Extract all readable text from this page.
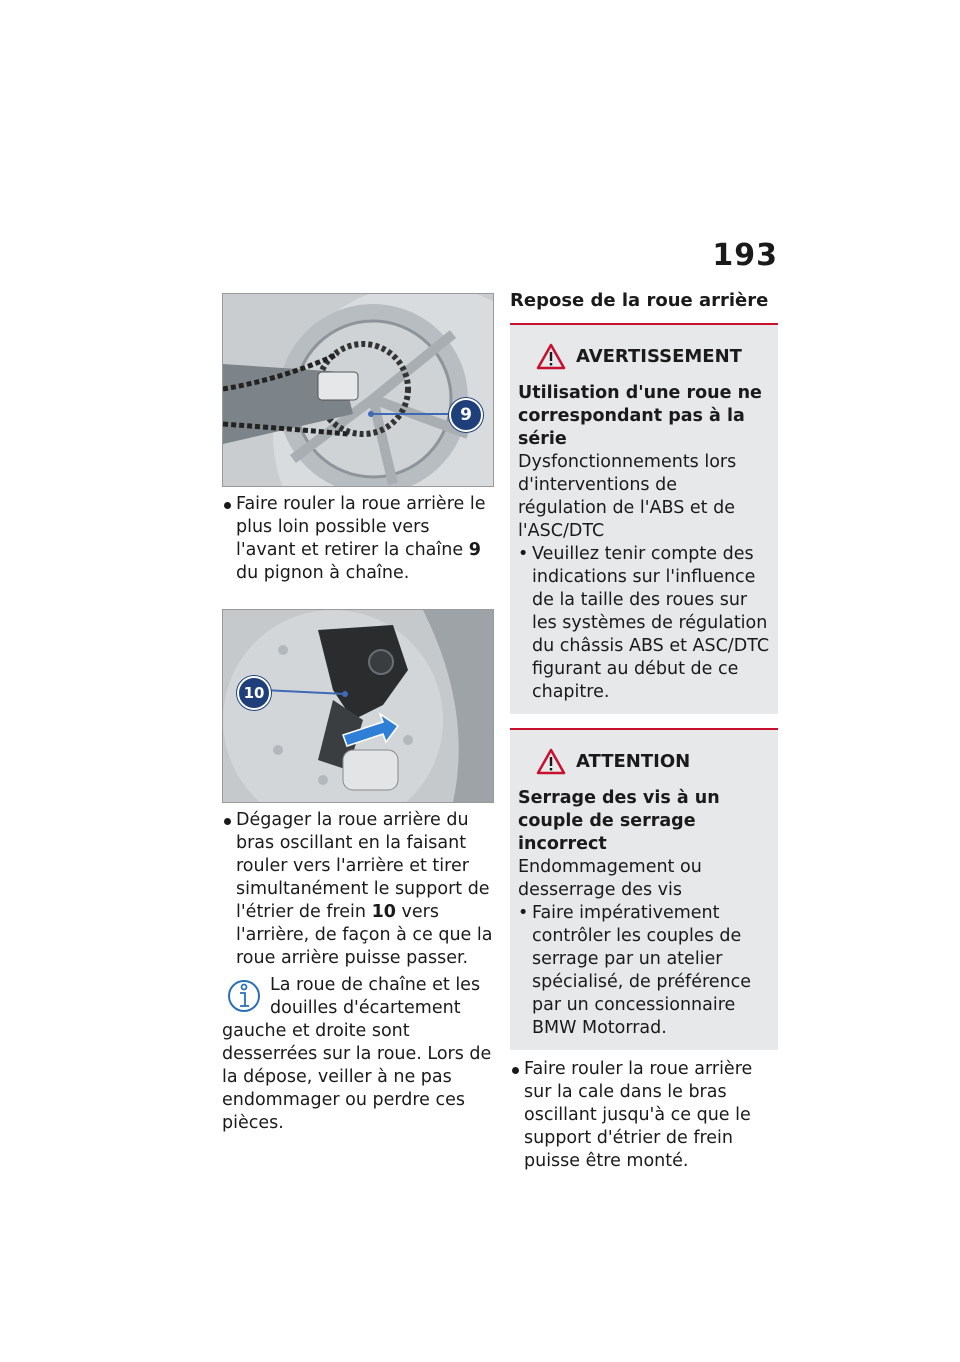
193
9
Faire rouler la roue arrière le plus loin possible vers l'avant et retirer la chaîne 9 du pignon à chaîne.
10
Dégager la roue arrière du bras oscillant en la faisant rouler vers l'arrière et tirer simultanément le support de l'étrier de frein 10 vers l'arrière, de façon à ce que la roue arrière puisse passer.
La roue de chaîne et les douilles d'écartement gauche et droite sont desserrées sur la roue. Lors de la dépose, veiller à ne pas endommager ou perdre ces pièces.
Repose de la roue arrière
AVERTISSEMENT
Utilisation d'une roue ne correspondant pas à la série
Dysfonctionnements lors d'interventions de régulation de l'ABS et de l'ASC/DTC
• Veuillez tenir compte des indications sur l'influence de la taille des roues sur les systèmes de régulation du châssis ABS et ASC/DTC figurant au début de ce chapitre.
ATTENTION
Serrage des vis à un couple de serrage incorrect
Endommagement ou desserrage des vis
• Faire impérativement contrôler les couples de serrage par un atelier spécialisé, de préférence par un concessionnaire BMW Motorrad.
Faire rouler la roue arrière sur la cale dans le bras oscillant jusqu'à ce que le support d'étrier de frein puisse être monté.
